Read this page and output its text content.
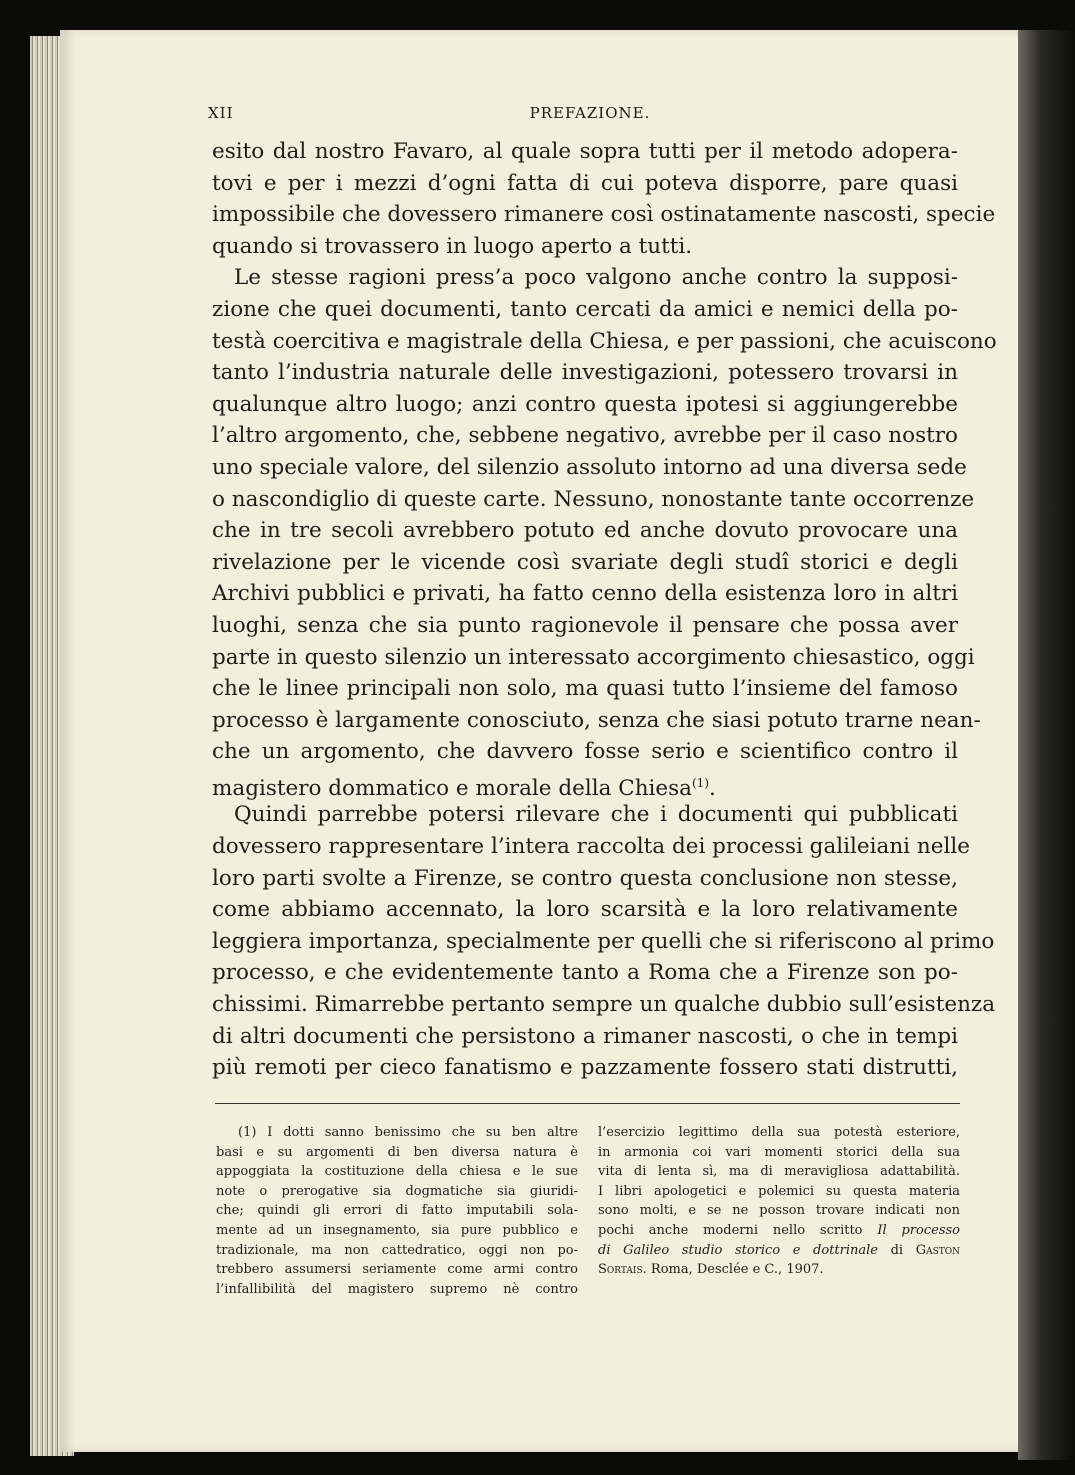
XII	PREFAZIONE.
esito dal nostro Favaro, al quale sopra tutti per il metodo adopera-
tovi e per i mezzi d’ogni fatta di cui poteva disporre, pare quasi
impossibile che dovessero rimanere così ostinatamente nascosti, specie
quando si trovassero in luogo aperto a tutti.
Le stesse ragioni press’a poco valgono anche contro la supposi-
zione che quei documenti, tanto cercati da amici e nemici della po-
testà coercitiva e magistrale della Chiesa, e per passioni, che acuiscono
tanto l’industria naturale delle investigazioni, potessero trovarsi in
qualunque altro luogo; anzi contro questa ipotesi si aggiungerebbe
l’altro argomento, che, sebbene negativo, avrebbe per il caso nostro
uno speciale valore, del silenzio assoluto intorno ad una diversa sede
o nascondiglio di queste carte. Nessuno, nonostante tante occorrenze
che in tre secoli avrebbero potuto ed anche dovuto provocare una
rivelazione per le vicende così svariate degli studî storici e degli
Archivi pubblici e privati, ha fatto cenno della esistenza loro in altri
luoghi, senza che sia punto ragionevole il pensare che possa aver
parte in questo silenzio un interessato accorgimento chiesastico, oggi
che le linee principali non solo, ma quasi tutto l’insieme del famoso
processo è largamente conosciuto, senza che siasi potuto trarne nean-
che un argomento, che davvero fosse serio e scientifico contro il
magistero dommatico e morale della Chiesa$^{(1)}$.
Quindi parrebbe potersi rilevare che i documenti qui pubblicati
dovessero rappresentare l’intera raccolta dei processi galileiani nelle
loro parti svolte a Firenze, se contro questa conclusione non stesse,
come abbiamo accennato, la loro scarsità e la loro relativamente
leggiera importanza, specialmente per quelli che si riferiscono al primo
processo, e che evidentemente tanto a Roma che a Firenze son po-
chissimi. Rimarrebbe pertanto sempre un qualche dubbio sull’esistenza
di altri documenti che persistono a rimaner nascosti, o che in tempi
più remoti per cieco fanatismo e pazzamente fossero stati distrutti,
(1) I dotti sanno benissimo che su ben altre
basi e su argomenti di ben diversa natura è
appoggiata la costituzione della chiesa e le sue
note o prerogative sia dogmatiche sia giuridi-
che; quindi gli errori di fatto imputabili sola-
mente ad un insegnamento, sia pure pubblico e
tradizionale, ma non cattedratico, oggi non po-
trebbero assumersi seriamente come armi contro
l’infallibilità del magistero supremo nè contro
l’esercizio legittimo della sua potestà esteriore,
in armonia coi vari momenti storici della sua
vita di lenta sì, ma di meravigliosa adattabilità.
I libri apologetici e polemici su questa materia
sono molti, e se ne posson trovare indicati non
pochi anche moderni nello scritto Il processo
di Galileo studio storico e dottrinale di Gaston
Sortais. Roma, Desclée e C., 1907.
